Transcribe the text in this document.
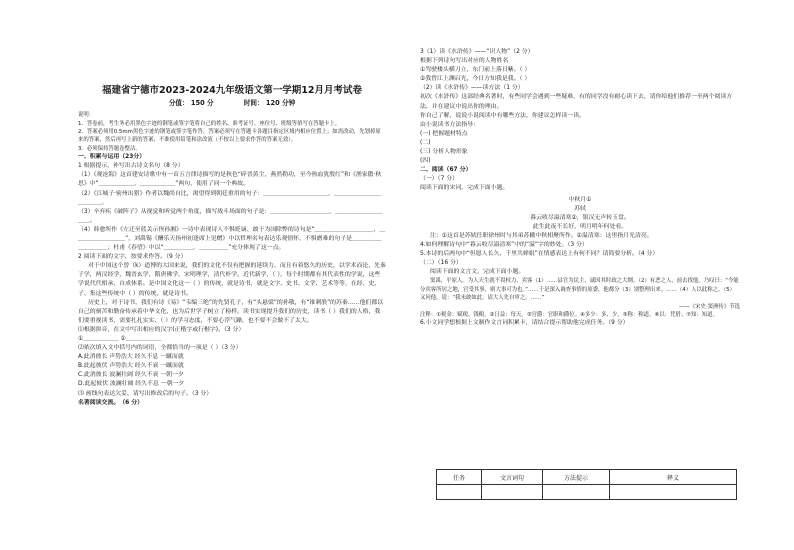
福建省宁德市2023-2024九年级语文第一学期12月月考试卷
分值： 150 分	时间： 120 分钟

说明：

1．答卷前，考生务必用黑色字迹的钢笔或签字笔将自己的姓名、准考证号、座位号、班级等填写在答题卡上。

2．答案必须用0.5mm黑色字迹的钢笔或签字笔作答，答案必须写在答题卡各题目指定区域内相应位置上；如需改动，先划掉原来的答案，然后再写上新的答案；不准使用铅笔和涂改液（不按以上要求作答的答案无效）。

3．必须保持答题卷整洁。

一、积累与运用（23分）

1 根据提示，补写出古诗文名句（8 分）

（1）《观沧海》这首建安诗歌中有一首五言律诗描写的是秋色“碎晋黄尘，燕然勒功，至今热血犹殷红”和《渔家傲·秋思》中“＿＿＿＿＿＿，＿＿＿＿＿＿”两句，使用了同一个典故。

（2）《江城子·密州出猎》作者以魏尚自比，渴望得到朝廷重用的句子：＿＿＿＿＿＿＿＿＿＿＿，＿＿＿＿＿＿＿＿＿＿＿＿。

（3）辛弃疾《破阵子》从视觉和听觉两个角度，描写战斗场面的句子是：＿＿＿＿＿＿＿＿＿＿，＿＿＿＿＿＿＿＿＿＿。

（4）韩愈所作《左迁至蓝关示侄孙湘》一诗中表现诗人不惧贬谪、敢于为国除弊的诗句是“＿＿＿＿＿＿＿＿＿＿，＿＿＿＿＿＿＿＿＿”，刘禹锡《酬乐天扬州初逢席上见赠》中以哲理名句表达乐观情怀、不惧磨难的句子是＿＿＿＿＿＿＿＿＿＿；杜甫《春望》中以“＿＿＿＿＿，＿＿＿＿＿”充分体现了这一点。

2 阅读下面的文字，按要求作答。（9 分）

对于中国这个曾（k）道博的大国来说，我们的文化不仅有把握的延续力，而且有着悠久的历史，以学术而论，先秦子学，两汉经学，魏晋玄学，隋唐佛学，宋明理学，清代朴学，近代新学，（ ），每个时期都有其代表性的学说，这些学说代代相承，自成体系。是中国文化这一（ ）的传统，就是诗书，就是文字、史书、文学、艺术等等，在经、史、子、集这些传统中（ ）的传统，就是诗书。

历史上，对于诗书，我们有诗《易》“韦编三绝”的先贤孔子，有“头悬梁”的孙敬，有“锥刺股”的苏秦……他们都以自己的刻苦和勤奋传承着中华文化，也为后世学子树立了榜样。读书实现提升我们的历史，读书（ ）我们的人格，我们要重视读书，需要扎扎实实、（ ）的学习态度，不要心浮气躁，也不要不会做不了太大。

⑴根据拼音，在文中写出相应的汉字(正楷字或行楷字)。（3 分）

①＿＿＿＿＿＿ ②＿＿＿＿＿＿

⑵依次填入文中括号内的词语，全都恰当的一项是（ ）（3 分）

A.此消彼长 声势浩大 经久不息 一蹴而就

B.此起彼伏 声势浩大 经久不衰 一蹴而就

C.此消彼长 波澜壮阔 经久不衰 一朝一夕

D.此起彼伏 波澜壮阔 经久不息 一朝一夕

⑶ 画线句表达欠妥，请写出修改后的句子。（3 分）

名著阅读交流。（6 分）

3（1）读《水浒传》——“识人物”（2 分）

根据下列诗句写出对应的人物姓名

①驾驶楼头横刀立，东门前上落日紫。（ ）

②我曾江上渊启光，今日方知我是我。（ ）

（2）读《水浒传》——读方法（1 分）

初次《水浒传》这部经典名著时，有些同学会遇到一些疑难，有的同学没有耐心读下去，请你给他们推荐一至两个阅读方法，并在建议中说出你的理由。

你自己了解，说说小说阅读中有哪些方法，你建议怎样读一读。

由小说读书方法指导：

(一) 把握题材特点

(二)

(三) 分析人物形象

(四)

二、阅读（67 分）

（一）（7 分）

阅读下面的宋词，完成下面小题。

中秋月①

苏轼

暮云收尽溢清寒②，银汉无声转玉盘。

此生此夜不长好，明月明年何处看。

注：①这首是苏轼任职徐州时与其弟苏辙中秋相聚所作。②溢清寒：这里指月光清亮。

4.如何理解诗句中“暮云收尽溢清寒”中的“溢”字的妙处。（3 分）

5.本诗的后两句中“但愿人长久，千里共婵娟”在情感表达上有何不同？请简要分析。（4 分）

（二）（16 分）

阅读下面的文言文，完成下面小题。

窦禹，平原人。为人天生就不畏权力，宾客（1）……县官为民主，诚因其时政之大纲。（2）有恶之人，前去找他。乃叹曰：“今能分宾客所居之地，官受其事，则大事可为也。”……于是深入调查事情的原委，他都分（3）别整理出来。……（4）人以此称之。（5）又问他，说：“我未敢如此，请大人先自审之。……”

——《宋史·窦洲传》节选

注释：①税金：赋税、钱粮。②日益：每天。③官爵：官职和爵位。④多少：多、少。⑤称：称道。⑥以：凭借；⑦知：知道。

6.小文同学想根据上文制作文言词积累卡，请结合提示帮助他完成任务。（9 分）

任务	文言词句	方法提示	释义
